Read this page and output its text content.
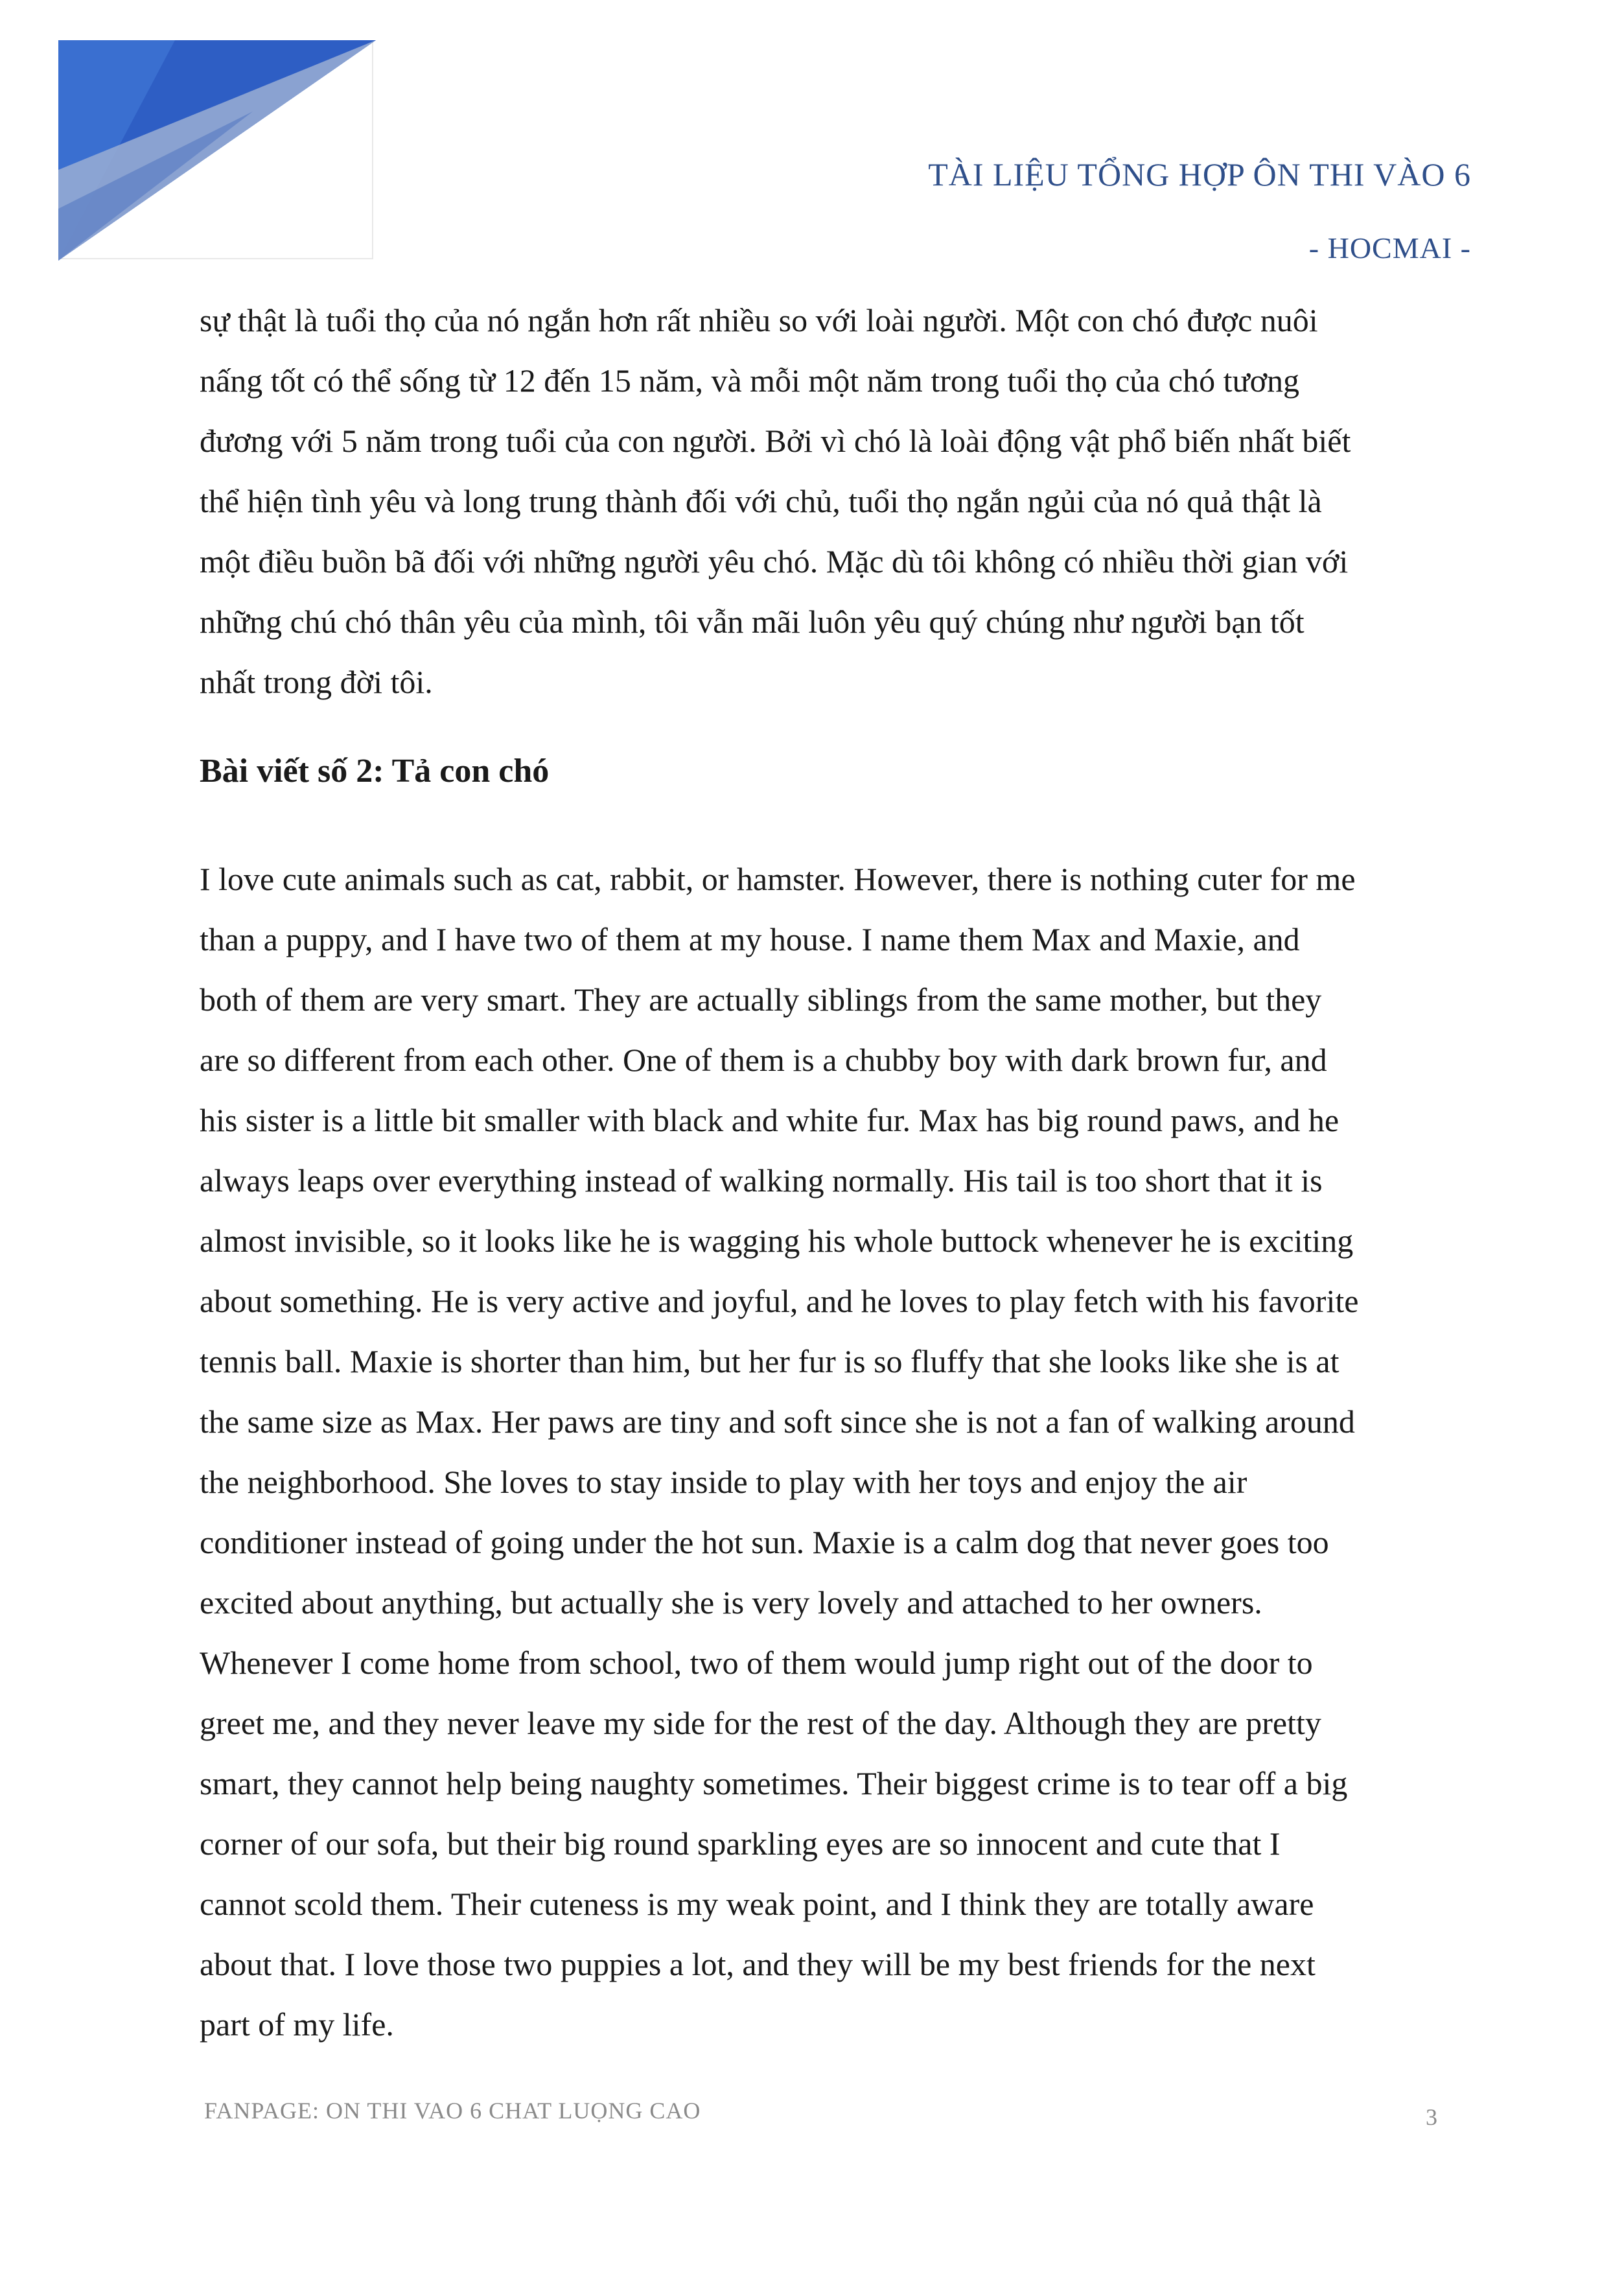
TÀI LIỆU TỔNG HỢP ÔN THI VÀO 6
- HOCMAI -

sự thật là tuổi thọ của nó ngắn hơn rất nhiều so với loài người. Một con chó được nuôi
nấng tốt có thể sống từ 12 đến 15 năm, và mỗi một năm trong tuổi thọ của chó tương
đương với 5 năm trong tuổi của con người. Bởi vì chó là loài động vật phổ biến nhất biết
thể hiện tình yêu và long trung thành đối với chủ, tuổi thọ ngắn ngủi của nó quả thật là
một điều buồn bã đối với những người yêu chó. Mặc dù tôi không có nhiều thời gian với
những chú chó thân yêu của mình, tôi vẫn mãi luôn yêu quý chúng như người bạn tốt
nhất trong đời tôi.

Bài viết số 2: Tả con chó

I love cute animals such as cat, rabbit, or hamster. However, there is nothing cuter for me
than a puppy, and I have two of them at my house. I name them Max and Maxie, and
both of them are very smart. They are actually siblings from the same mother, but they
are so different from each other. One of them is a chubby boy with dark brown fur, and
his sister is a little bit smaller with black and white fur. Max has big round paws, and he
always leaps over everything instead of walking normally. His tail is too short that it is
almost invisible, so it looks like he is wagging his whole buttock whenever he is exciting
about something. He is very active and joyful, and he loves to play fetch with his favorite
tennis ball. Maxie is shorter than him, but her fur is so fluffy that she looks like she is at
the same size as Max. Her paws are tiny and soft since she is not a fan of walking around
the neighborhood. She loves to stay inside to play with her toys and enjoy the air
conditioner instead of going under the hot sun. Maxie is a calm dog that never goes too
excited about anything, but actually she is very lovely and attached to her owners.
Whenever I come home from school, two of them would jump right out of the door to
greet me, and they never leave my side for the rest of the day. Although they are pretty
smart, they cannot help being naughty sometimes. Their biggest crime is to tear off a big
corner of our sofa, but their big round sparkling eyes are so innocent and cute that I
cannot scold them. Their cuteness is my weak point, and I think they are totally aware
about that. I love those two puppies a lot, and they will be my best friends for the next
part of my life.

FANPAGE: ON THI VAO 6 CHAT LUỌNG CAO	3
